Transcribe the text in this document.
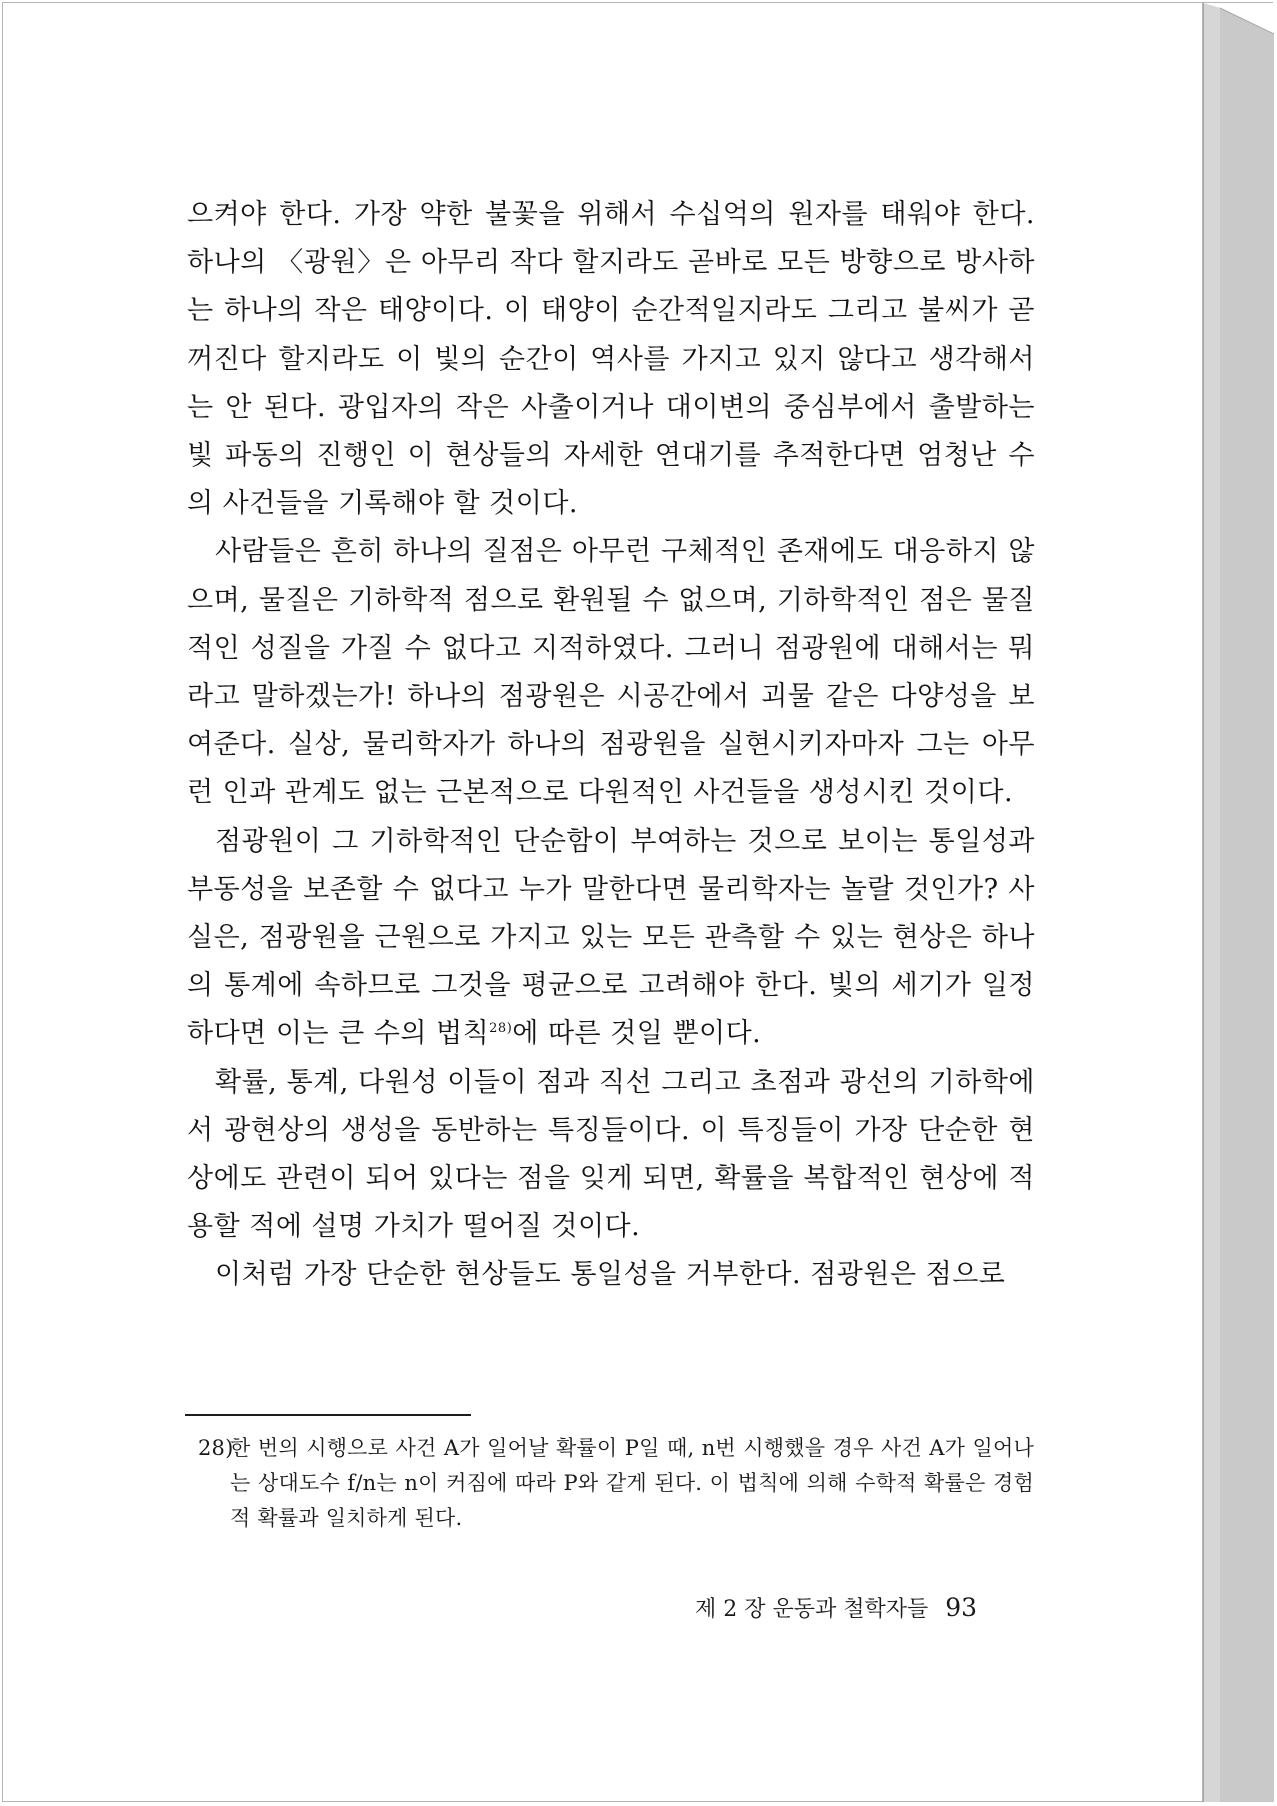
으켜야 한다. 가장 약한 불꽃을 위해서 수십억의 원자를 태워야 한다. 하나의 〈광원〉은 아무리 작다 할지라도 곧바로 모든 방향으로 방사하는 하나의 작은 태양이다. 이 태양이 순간적일지라도 그리고 불씨가 곧 꺼진다 할지라도 이 빛의 순간이 역사를 가지고 있지 않다고 생각해서는 안 된다. 광입자의 작은 사출이거나 대이변의 중심부에서 출발하는 빛 파동의 진행인 이 현상들의 자세한 연대기를 추적한다면 엄청난 수의 사건들을 기록해야 할 것이다.

사람들은 흔히 하나의 질점은 아무런 구체적인 존재에도 대응하지 않으며, 물질은 기하학적 점으로 환원될 수 없으며, 기하학적인 점은 물질적인 성질을 가질 수 없다고 지적하였다. 그러니 점광원에 대해서는 뭐라고 말하겠는가! 하나의 점광원은 시공간에서 괴물 같은 다양성을 보여준다. 실상, 물리학자가 하나의 점광원을 실현시키자마자 그는 아무런 인과 관계도 없는 근본적으로 다원적인 사건들을 생성시킨 것이다.

점광원이 그 기하학적인 단순함이 부여하는 것으로 보이는 통일성과 부동성을 보존할 수 없다고 누가 말한다면 물리학자는 놀랄 것인가? 사실은, 점광원을 근원으로 가지고 있는 모든 관측할 수 있는 현상은 하나의 통계에 속하므로 그것을 평균으로 고려해야 한다. 빛의 세기가 일정하다면 이는 큰 수의 법칙$^{28)}$에 따른 것일 뿐이다.

확률, 통계, 다원성 이들이 점과 직선 그리고 초점과 광선의 기하학에서 광현상의 생성을 동반하는 특징들이다. 이 특징들이 가장 단순한 현상에도 관련이 되어 있다는 점을 잊게 되면, 확률을 복합적인 현상에 적용할 적에 설명 가치가 떨어질 것이다.

이처럼 가장 단순한 현상들도 통일성을 거부한다. 점광원은 점으로

28)

한 번의 시행으로 사건 A가 일어날 확률이 P일 때, n번 시행했을 경우 사건 A가 일어나는 상대도수 f/n는 n이 커짐에 따라 P와 같게 된다. 이 법칙에 의해 수학적 확률은 경험적 확률과 일치하게 된다.

제 2 장 운동과 철학자들 93
